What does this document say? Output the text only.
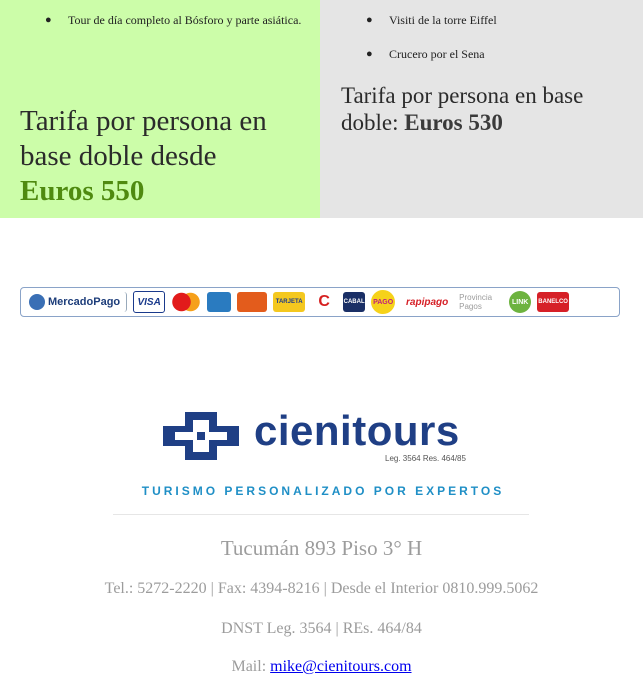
● Tour de día completo al Bósforo y parte asiática.
Tarifa por persona en base doble desde
Euros 550
● Visiti de la torre Eiffel
● Crucero por el Sena
Tarifa por persona en base doble: Euros 530
MercadoPago	VISA	TARJETA C	CABAL PAGO	rapipago	Provincia Pagos	LINK	BANELCO
cienitours
Leg. 3564 Res. 464/85
TURISMO PERSONALIZADO POR EXPERTOS
Tucumán 893 Piso 3° H
Tel.: 5272-2220 | Fax: 4394-8216 | Desde el Interior 0810.999.5062
DNST Leg. 3564 | REs. 464/84
Mail: mike@cienitours.com
